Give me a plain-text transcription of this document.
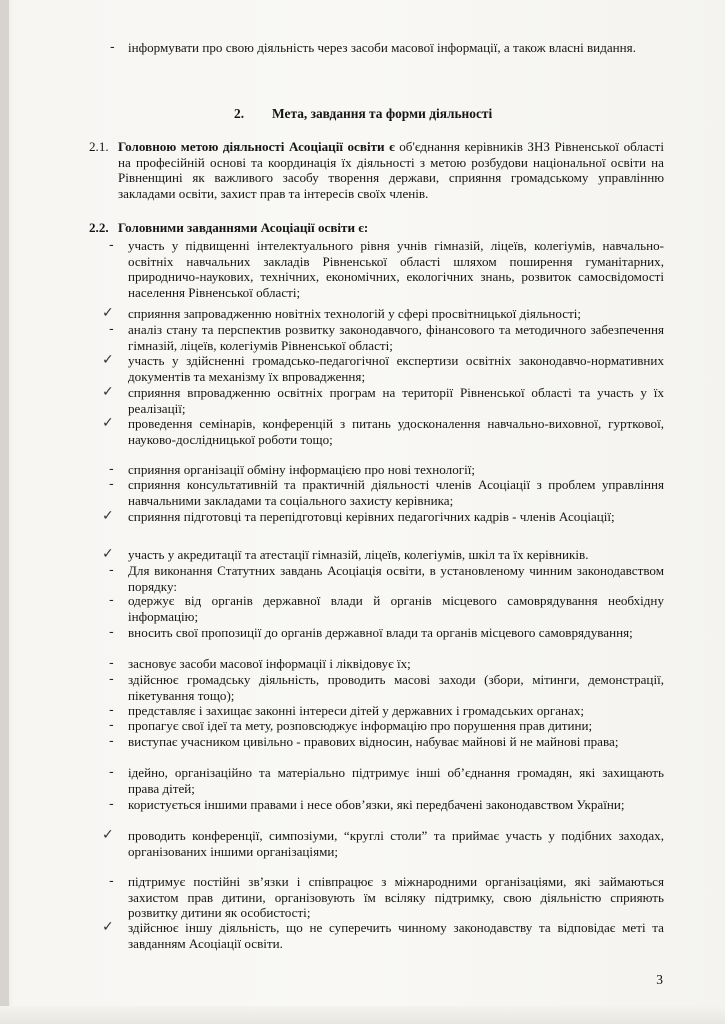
- інформувати про свою діяльність через засоби масової інформації, а також власні видання.
2. Мета, завдання та форми діяльності
2.1. Головною метою діяльності Асоціації освіти є об'єднання керівників ЗНЗ Рівненської області на професійній основі та координація їх діяльності з метою розбудови національної освіти на Рівненщині як важливого засобу творення держави, сприяння громадському управлінню закладами освіти, захист прав та інтересів своїх членів.
2.2. Головними завданнями Асоціації освіти є:
- участь у підвищенні інтелектуального рівня учнів гімназій, ліцеїв, колегіумів, навчально-освітніх навчальних закладів Рівненської області шляхом поширення гуманітарних, природничо-наукових, технічних, економічних, екологічних знань, розвиток самосвідомості населення Рівненської області;
✓ сприяння запровадженню новітніх технологій у сфері просвітницької діяльності;
- аналіз стану та перспектив розвитку законодавчого, фінансового та методичного забезпечення гімназій, ліцеїв, колегіумів Рівненської області;
✓ участь у здійсненні громадсько-педагогічної експертизи освітніх законодавчо-нормативних документів та механізму їх впровадження;
✓ сприяння впровадженню освітніх програм на території Рівненської області та участь у їх реалізації;
✓ проведення семінарів, конференцій з питань удосконалення навчально-виховної, гурткової, науково-дослідницької роботи тощо;
- сприяння організації обміну інформацією про нові технології;
- сприяння консультативній та практичній діяльності членів Асоціації з проблем управління навчальними закладами та соціального захисту керівника;
✓ сприяння підготовці та перепідготовці керівних педагогічних кадрів - членів Асоціації;
✓ участь у акредитації та атестації гімназій, ліцеїв, колегіумів, шкіл та їх керівників.
- Для виконання Статутних завдань Асоціація освіти, в установленому чинним законодавством порядку:
- одержує від органів державної влади й органів місцевого самоврядування необхідну інформацію;
- вносить свої пропозиції до органів державної влади та органів місцевого самоврядування;
- засновує засоби масової інформації і ліквідовує їх;
- здійснює громадську діяльність, проводить масові заходи (збори, мітинги, демонстрації, пікетування тощо);
- представляє і захищає законні інтереси дітей у державних і громадських органах;
- пропагує свої ідеї та мету, розповсюджує інформацію про порушення прав дитини;
- виступає учасником цивільно - правових відносин, набуває майнові й не майнові права;
- ідейно, організаційно та матеріально підтримує інші об’єднання громадян, які захищають права дітей;
- користується іншими правами і несе обов’язки, які передбачені законодавством України;
✓ проводить конференції, симпозіуми, “круглі столи” та приймає участь у подібних заходах, організованих іншими організаціями;
- підтримує постійні зв’язки і співпрацює з міжнародними організаціями, які займаються захистом прав дитини, організовують їм всіляку підтримку, свою діяльністю сприяють розвитку дитини як особистості;
✓ здійснює іншу діяльність, що не суперечить чинному законодавству та відповідає меті та завданням Асоціації освіти.
3
